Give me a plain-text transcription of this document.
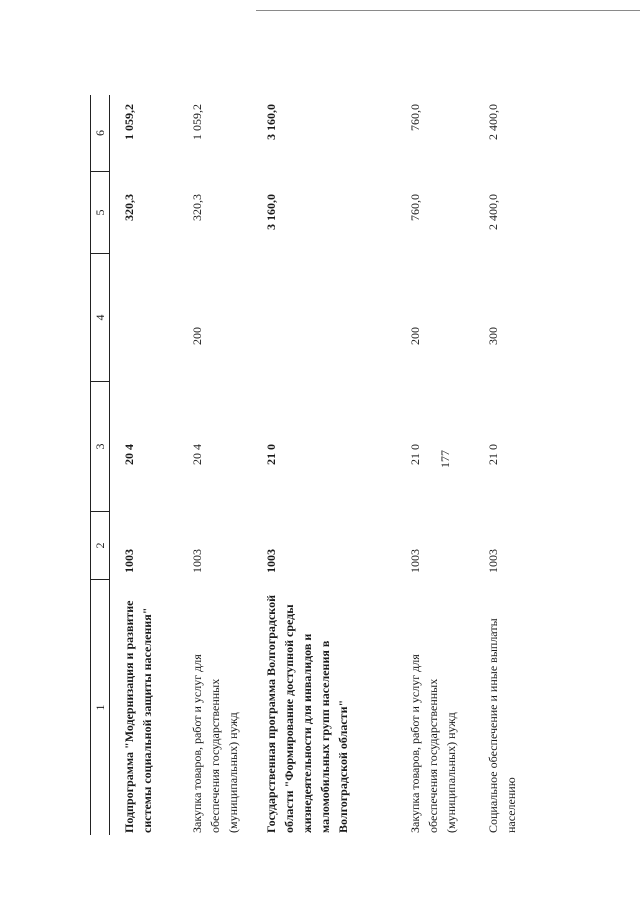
177
1
2
3
4
5
6
Подпрограмма "Модернизация и развитие системы социальной защиты населения"
1003
20 4
320,3
1 059,2
Закупка товаров, работ и услуг для обеспечения государственных (муниципальных) нужд
1003
20 4
200
320,3
1 059,2
Государственная программа Волгоградской области "Формирование доступной среды жизнедеятельности для инвалидов и маломобильных групп населения в Волгоградской области"
1003
21 0
3 160,0
3 160,0
Закупка товаров, работ и услуг для обеспечения государственных (муниципальных) нужд
1003
21 0
200
760,0
760,0
Социальное обеспечение и иные выплаты населению
1003
21 0
300
2 400,0
2 400,0
